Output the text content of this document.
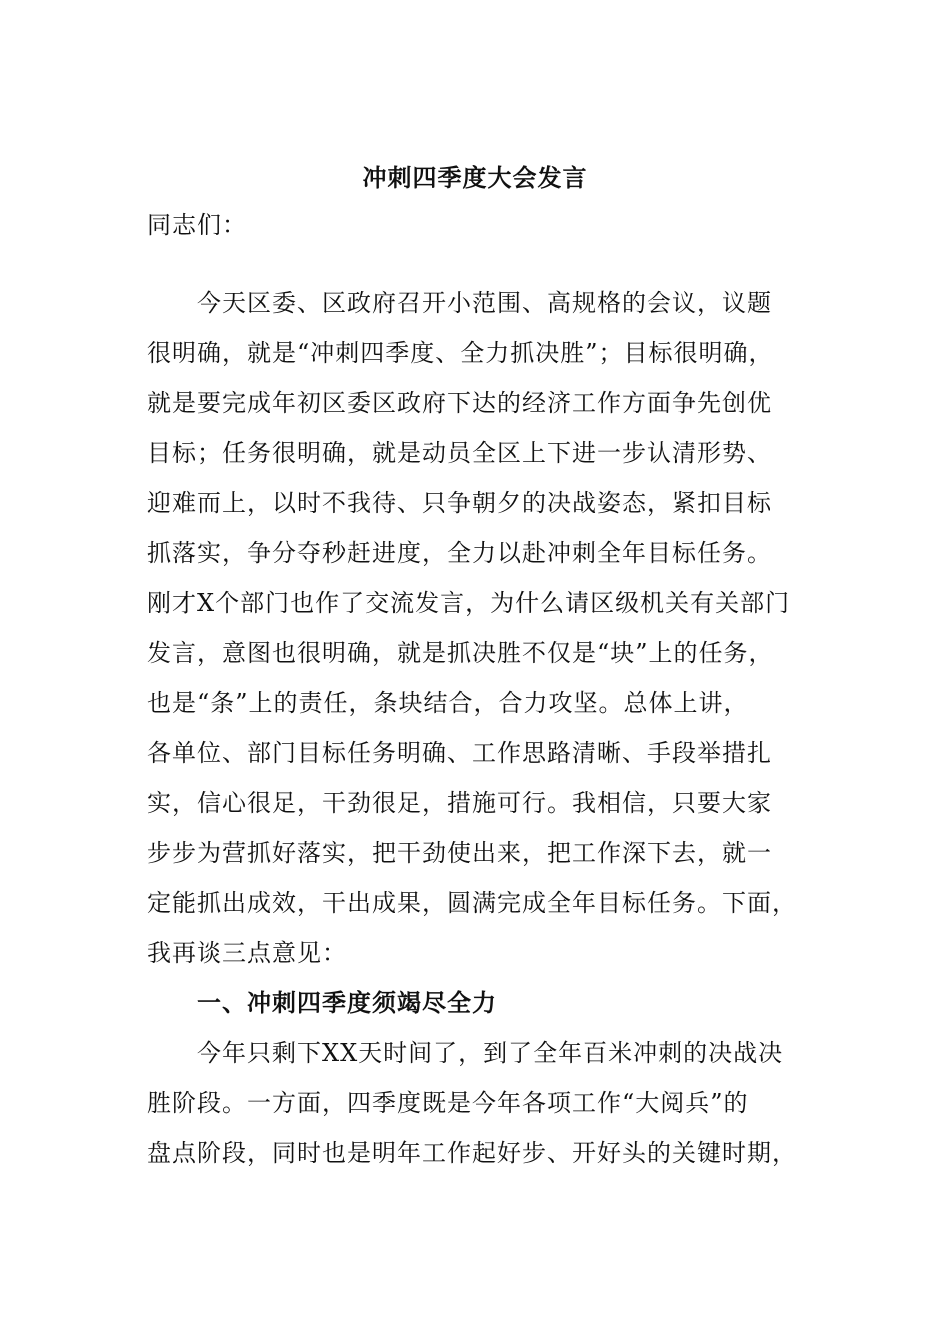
冲刺四季度大会发言
同志们：
今天区委、区政府召开小范围、高规格的会议，议题
很明确，就是“冲刺四季度、全力抓决胜”；目标很明确，
就是要完成年初区委区政府下达的经济工作方面争先创优
目标；任务很明确，就是动员全区上下进一步认清形势、
迎难而上，以时不我待、只争朝夕的决战姿态，紧扣目标
抓落实，争分夺秒赶进度，全力以赴冲刺全年目标任务。
刚才X个部门也作了交流发言，为什么请区级机关有关部门
发言，意图也很明确，就是抓决胜不仅是“块”上的任务，
也是“条”上的责任，条块结合，合力攻坚。总体上讲，
各单位、部门目标任务明确、工作思路清晰、手段举措扎
实，信心很足，干劲很足，措施可行。我相信，只要大家
步步为营抓好落实，把干劲使出来，把工作深下去，就一
定能抓出成效，干出成果，圆满完成全年目标任务。下面，
我再谈三点意见：
一、冲刺四季度须竭尽全力
今年只剩下XX天时间了，到了全年百米冲刺的决战决
胜阶段。一方面，四季度既是今年各项工作“大阅兵”的
盘点阶段，同时也是明年工作起好步、开好头的关键时期，
